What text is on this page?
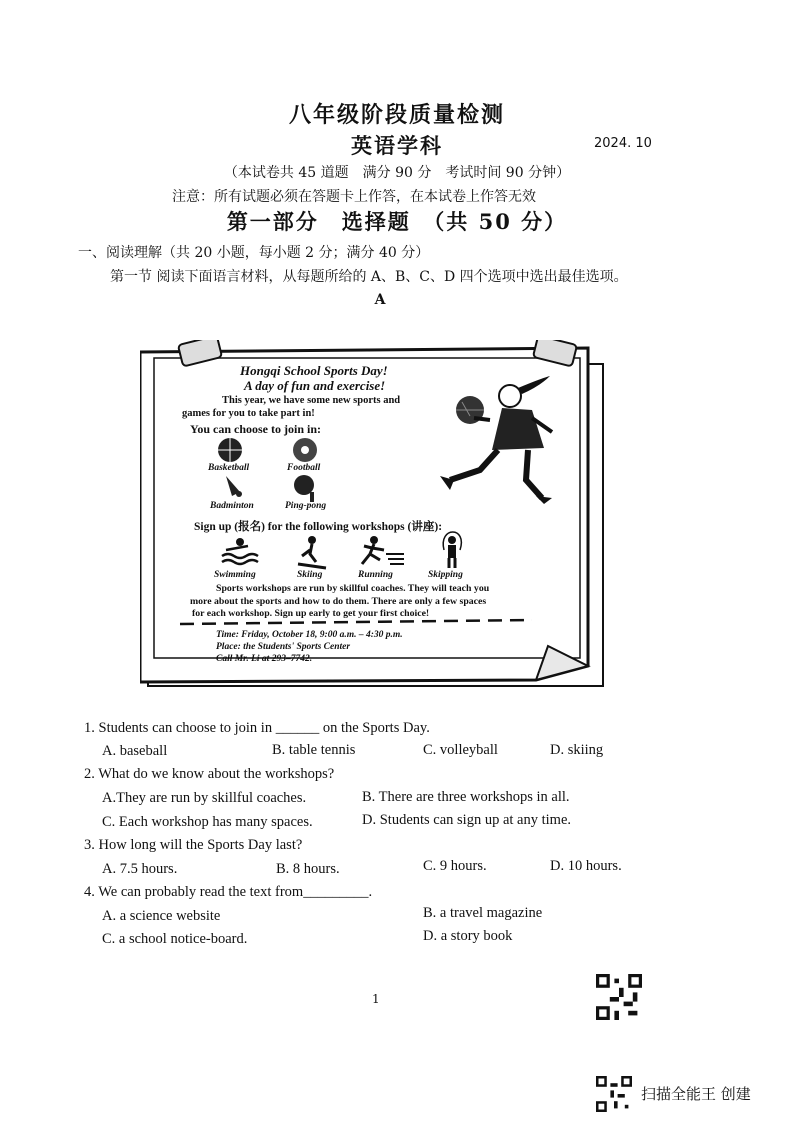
八年级阶段质量检测
英语学科	2024. 10
（本试卷共 45 道题　满分 90 分　考试时间 90 分钟）
注意：所有试题必须在答题卡上作答，在本试卷上作答无效
第一部分　选择题　（共 50 分）
一、阅读理解（共 20 小题，每小题 2 分；满分 40 分）
第一节 阅读下面语言材料，从每题所给的 A、B、C、D 四个选项中选出最佳选项。
A
Hongqi School Sports Day!
A day of fun and exercise!
This year, we have some new sports and
games for you to take part in!
You can choose to join in:
Basketball	Football
Badminton	Ping-pong
Sign up (报名) for the following workshops (讲座):
Swimming	Skiing	Running	Skipping
Sports workshops are run by skillful coaches. They will teach you
more about the sports and how to do them. There are only a few spaces
for each workshop. Sign up early to get your first choice!
Time: Friday, October 18, 9:00 a.m. – 4:30 p.m.
Place: the Students' Sports Center
Call Mr. Li at 293–7742.
1. Students can choose to join in ______ on the Sports Day.
A. baseball	B. table tennis	C. volleyball	D. skiing
2. What do we know about the workshops?
A.They are run by skillful coaches.	B. There are three workshops in all.
C. Each workshop has many spaces.	D. Students can sign up at any time.
3. How long will the Sports Day last?
A. 7.5 hours.	B. 8 hours.	C. 9 hours.	D. 10 hours.
4. We can probably read the text from_________.
A. a science website	B. a travel magazine
C. a school notice-board.	D. a story book
1
扫描全能王 创建
